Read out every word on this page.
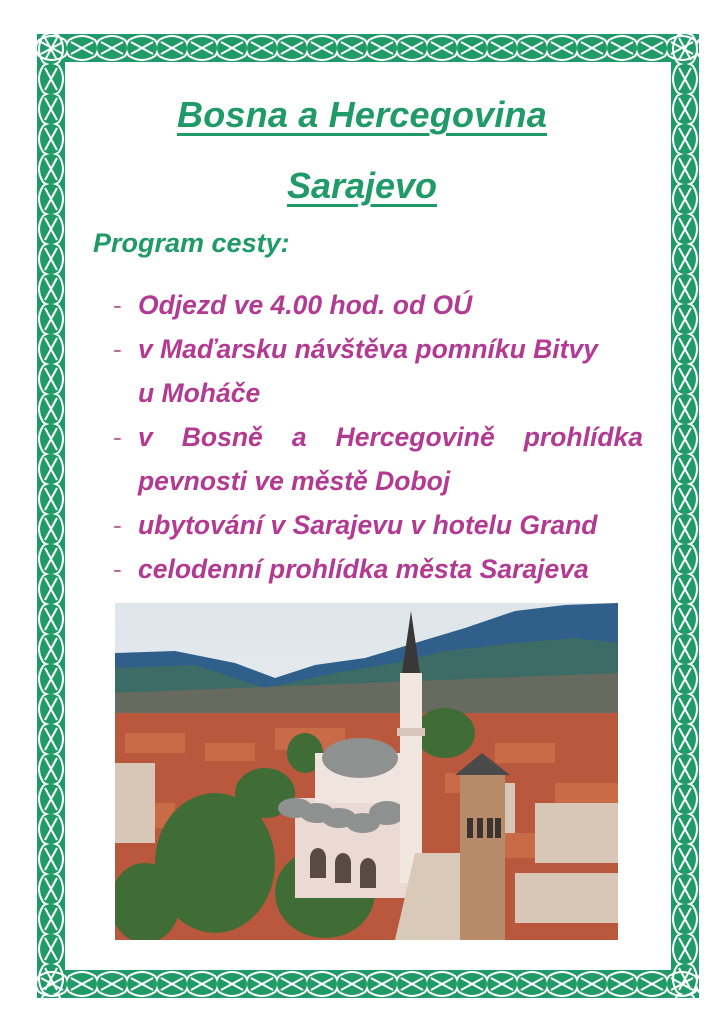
Bosna a Hercegovina
Sarajevo
Program cesty:
- Odjezd ve 4.00 hod. od OÚ
- v Maďarsku návštěva pomníku Bitvy
u Moháče
- v Bosně a Hercegovině prohlídka
pevnosti ve městě Doboj
- ubytování v Sarajevu v hotelu Grand
- celodenní prohlídka města Sarajeva
